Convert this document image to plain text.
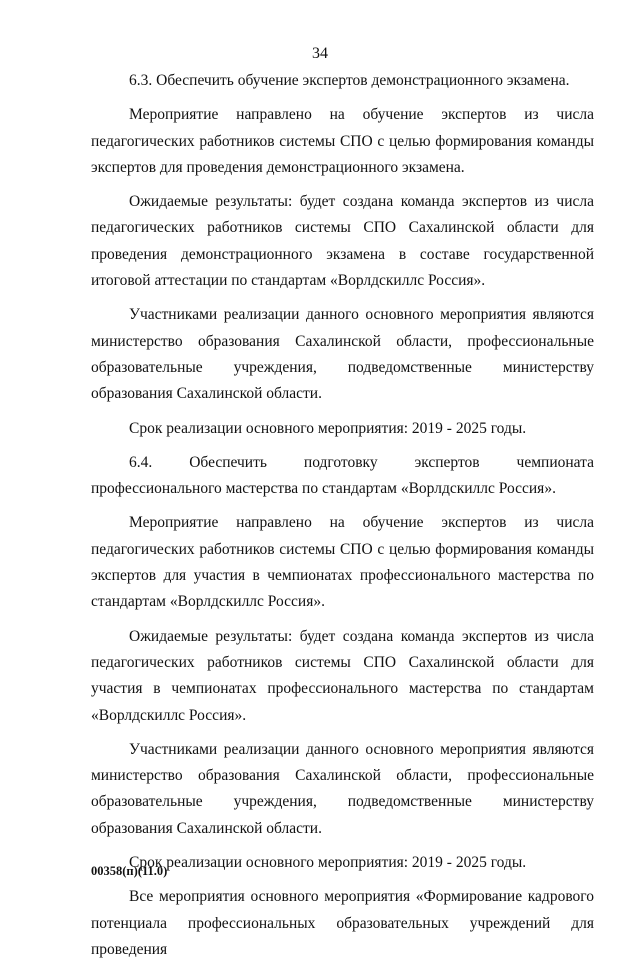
34

6.3. Обеспечить обучение экспертов демонстрационного экзамена.

Мероприятие направлено на обучение экспертов из числа педагогических работников системы СПО с целью формирования команды экспертов для проведения демонстрационного экзамена.

Ожидаемые результаты: будет создана команда экспертов из числа педагогических работников системы СПО Сахалинской области для проведения демонстрационного экзамена в составе государственной итоговой аттестации по стандартам «Ворлдскиллс Россия».

Участниками реализации данного основного мероприятия являются министерство образования Сахалинской области, профессиональные образовательные учреждения, подведомственные министерству образования Сахалинской области.

Срок реализации основного мероприятия: 2019 - 2025 годы.

6.4. Обеспечить подготовку экспертов чемпионата профессионального мастерства по стандартам «Ворлдскиллс Россия».

Мероприятие направлено на обучение экспертов из числа педагогических работников системы СПО с целью формирования команды экспертов для участия в чемпионатах профессионального мастерства по стандартам «Ворлдскиллс Россия».

Ожидаемые результаты: будет создана команда экспертов из числа педагогических работников системы СПО Сахалинской области для участия в чемпионатах профессионального мастерства по стандартам «Ворлдскиллс Россия».

Участниками реализации данного основного мероприятия являются министерство образования Сахалинской области, профессиональные образовательные учреждения, подведомственные министерству образования Сахалинской области.

Срок реализации основного мероприятия: 2019 - 2025 годы.

Все мероприятия основного мероприятия «Формирование кадрового потенциала профессиональных образовательных учреждений для проведения

00358(п)(11.0)
